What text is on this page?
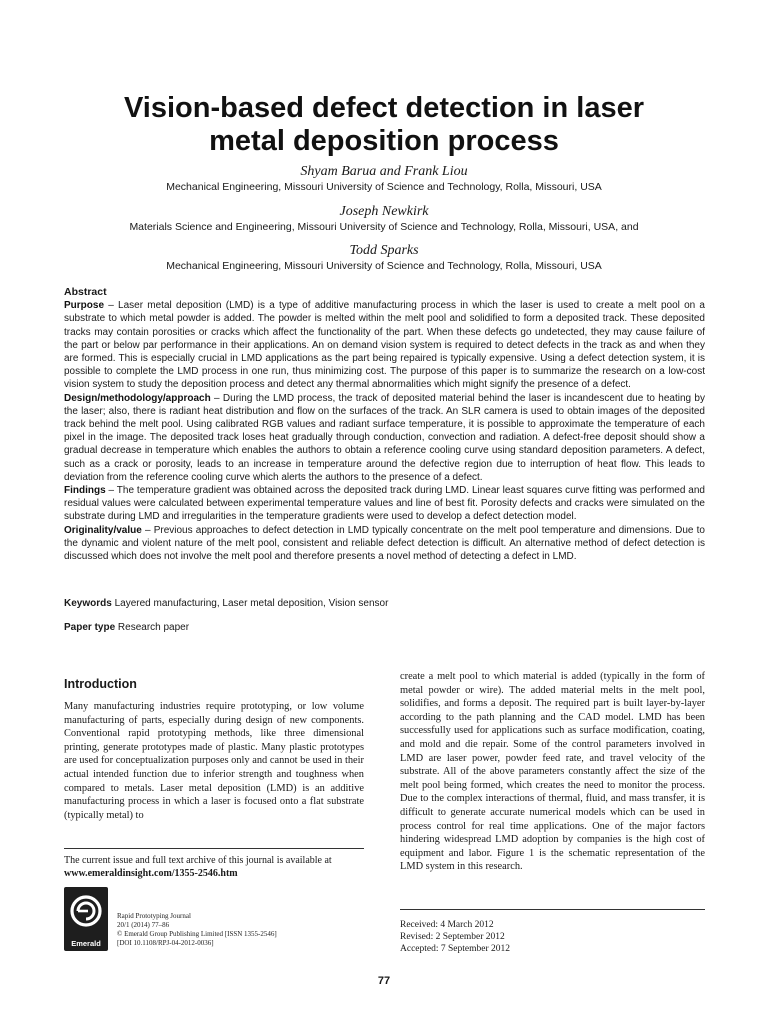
Vision-based defect detection in laser
metal deposition process
Shyam Barua and Frank Liou
Mechanical Engineering, Missouri University of Science and Technology, Rolla, Missouri, USA
Joseph Newkirk
Materials Science and Engineering, Missouri University of Science and Technology, Rolla, Missouri, USA, and
Todd Sparks
Mechanical Engineering, Missouri University of Science and Technology, Rolla, Missouri, USA

Abstract

Purpose – Laser metal deposition (LMD) is a type of additive manufacturing process in which the laser is used to create a melt pool on a substrate to which metal powder is added. The powder is melted within the melt pool and solidified to form a deposited track. These deposited tracks may contain porosities or cracks which affect the functionality of the part. When these defects go undetected, they may cause failure of the part or below par performance in their applications. An on demand vision system is required to detect defects in the track as and when they are formed. This is especially crucial in LMD applications as the part being repaired is typically expensive. Using a defect detection system, it is possible to complete the LMD process in one run, thus minimizing cost. The purpose of this paper is to summarize the research on a low-cost vision system to study the deposition process and detect any thermal abnormalities which might signify the presence of a defect.

Design/methodology/approach – During the LMD process, the track of deposited material behind the laser is incandescent due to heating by the laser; also, there is radiant heat distribution and flow on the surfaces of the track. An SLR camera is used to obtain images of the deposited track behind the melt pool. Using calibrated RGB values and radiant surface temperature, it is possible to approximate the temperature of each pixel in the image. The deposited track loses heat gradually through conduction, convection and radiation. A defect-free deposit should show a gradual decrease in temperature which enables the authors to obtain a reference cooling curve using standard deposition parameters. A defect, such as a crack or porosity, leads to an increase in temperature around the defective region due to interruption of heat flow. This leads to deviation from the reference cooling curve which alerts the authors to the presence of a defect.

Findings – The temperature gradient was obtained across the deposited track during LMD. Linear least squares curve fitting was performed and residual values were calculated between experimental temperature values and line of best fit. Porosity defects and cracks were simulated on the substrate during LMD and irregularities in the temperature gradients were used to develop a defect detection model.

Originality/value – Previous approaches to defect detection in LMD typically concentrate on the melt pool temperature and dimensions. Due to the dynamic and violent nature of the melt pool, consistent and reliable defect detection is difficult. An alternative method of defect detection is discussed which does not involve the melt pool and therefore presents a novel method of detecting a defect in LMD.

Keywords Layered manufacturing, Laser metal deposition, Vision sensor
Paper type Research paper
Introduction

Many manufacturing industries require prototyping, or low volume manufacturing of parts, especially during design of new components. Conventional rapid prototyping methods, like three dimensional printing, generate prototypes made of plastic. Many plastic prototypes are used for conceptualization purposes only and cannot be used in their actual intended function due to inferior strength and toughness when compared to metals. Laser metal deposition (LMD) is an additive manufacturing process in which a laser is focused onto a flat substrate (typically metal) to

create a melt pool to which material is added (typically in the form of metal powder or wire). The added material melts in the melt pool, solidifies, and forms a deposit. The required part is built layer-by-layer according to the path planning and the CAD model. LMD has been successfully used for applications such as surface modification, coating, and mold and die repair. Some of the control parameters involved in LMD are laser power, powder feed rate, and travel velocity of the substrate. All of the above parameters constantly affect the size of the melt pool being formed, which creates the need to monitor the process. Due to the complex interactions of thermal, fluid, and mass transfer, it is difficult to generate accurate numerical models which can be used in process control for real time applications. One of the major factors hindering widespread LMD adoption by companies is the high cost of equipment and labor. Figure 1 is the schematic representation of the LMD system in this research.

The current issue and full text archive of this journal is available at
www.emeraldinsight.com/1355-2546.htm
Emerald
Rapid Prototyping Journal
20/1 (2014) 77–86
© Emerald Group Publishing Limited [ISSN 1355-2546]
[DOI 10.1108/RPJ-04-2012-0036]
Received: 4 March 2012
Revised: 2 September 2012
Accepted: 7 September 2012
77
